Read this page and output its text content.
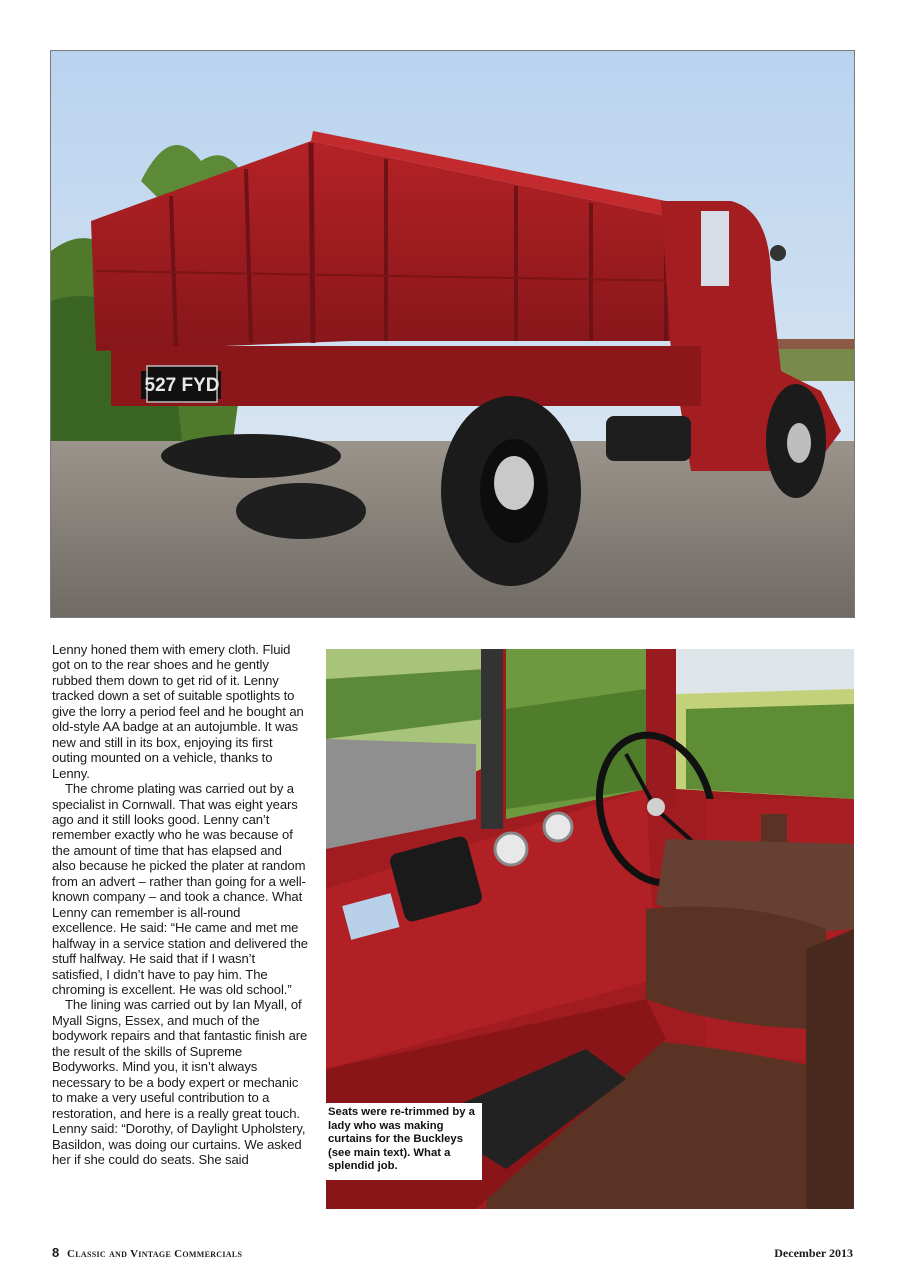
527 FYD

Lenny honed them with emery cloth. Fluid got on to the rear shoes and he gently rubbed them down to get rid of it. Lenny tracked down a set of suitable spotlights to give the lorry a period feel and he bought an old-style AA badge at an autojumble. It was new and still in its box, enjoying its first outing mounted on a vehicle, thanks to Lenny.

The chrome plating was carried out by a specialist in Cornwall. That was eight years ago and it still looks good. Lenny can’t remember exactly who he was because of the amount of time that has elapsed and also because he picked the plater at random from an advert – rather than going for a well-known company – and took a chance. What Lenny can remember is all-round excellence. He said: “He came and met me halfway in a service station and delivered the stuff halfway. He said that if I wasn’t satisfied, I didn’t have to pay him. The chroming is excellent. He was old school.”

The lining was carried out by Ian Myall, of Myall Signs, Essex, and much of the bodywork repairs and that fantastic finish are the result of the skills of Supreme Bodyworks. Mind you, it isn’t always necessary to be a body expert or mechanic to make a very useful contribution to a restoration, and here is a really great touch. Lenny said: “Dorothy, of Daylight Upholstery, Basildon, was doing our curtains. We asked her if she could do seats. She said

Seats were re-trimmed by a lady who was making curtains for the Buckleys (see main text). What a splendid job.
8 Classic and Vintage Commercials	December 2013
